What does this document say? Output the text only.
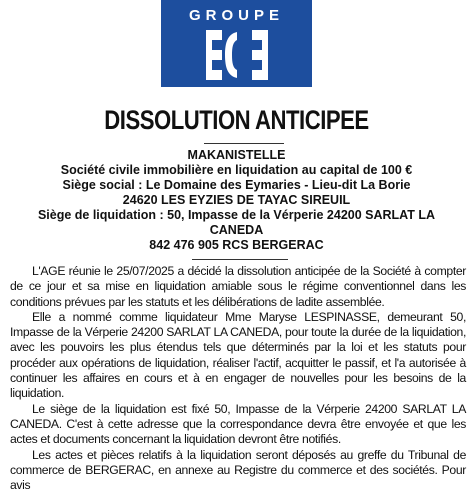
GROUPE
DISSOLUTION ANTICIPEE
MAKANISTELLE
Société civile immobilière en liquidation au capital de 100 €
Siège social : Le Domaine des Eymaries - Lieu-dit La Borie
24620 LES EYZIES DE TAYAC SIREUIL
Siège de liquidation : 50, Impasse de la Vérperie 24200 SARLAT LA
CANEDA
842 476 905 RCS BERGERAC

L'AGE réunie le 25/07/2025 a décidé la dissolution anticipée de la Société à compter de ce jour et sa mise en liquidation amiable sous le régime conventionnel dans les conditions prévues par les statuts et les délibérations de ladite assemblée.

Elle a nommé comme liquidateur Mme Maryse LESPINASSE, demeurant 50, Impasse de la Vérperie 24200 SARLAT LA CANEDA, pour toute la durée de la liquidation, avec les pouvoirs les plus étendus tels que déterminés par la loi et les statuts pour procéder aux opérations de liquidation, réaliser l'actif, acquitter le passif, et l'a autorisée à continuer les affaires en cours et à en engager de nouvelles pour les besoins de la liquidation.

Le siège de la liquidation est fixé 50, Impasse de la Vérperie 24200 SARLAT LA CANEDA. C'est à cette adresse que la correspondance devra être envoyée et que les actes et documents concernant la liquidation devront être notifiés.

Les actes et pièces relatifs à la liquidation seront déposés au greffe du Tribunal de commerce de BERGERAC, en annexe au Registre du commerce et des sociétés. Pour avis
